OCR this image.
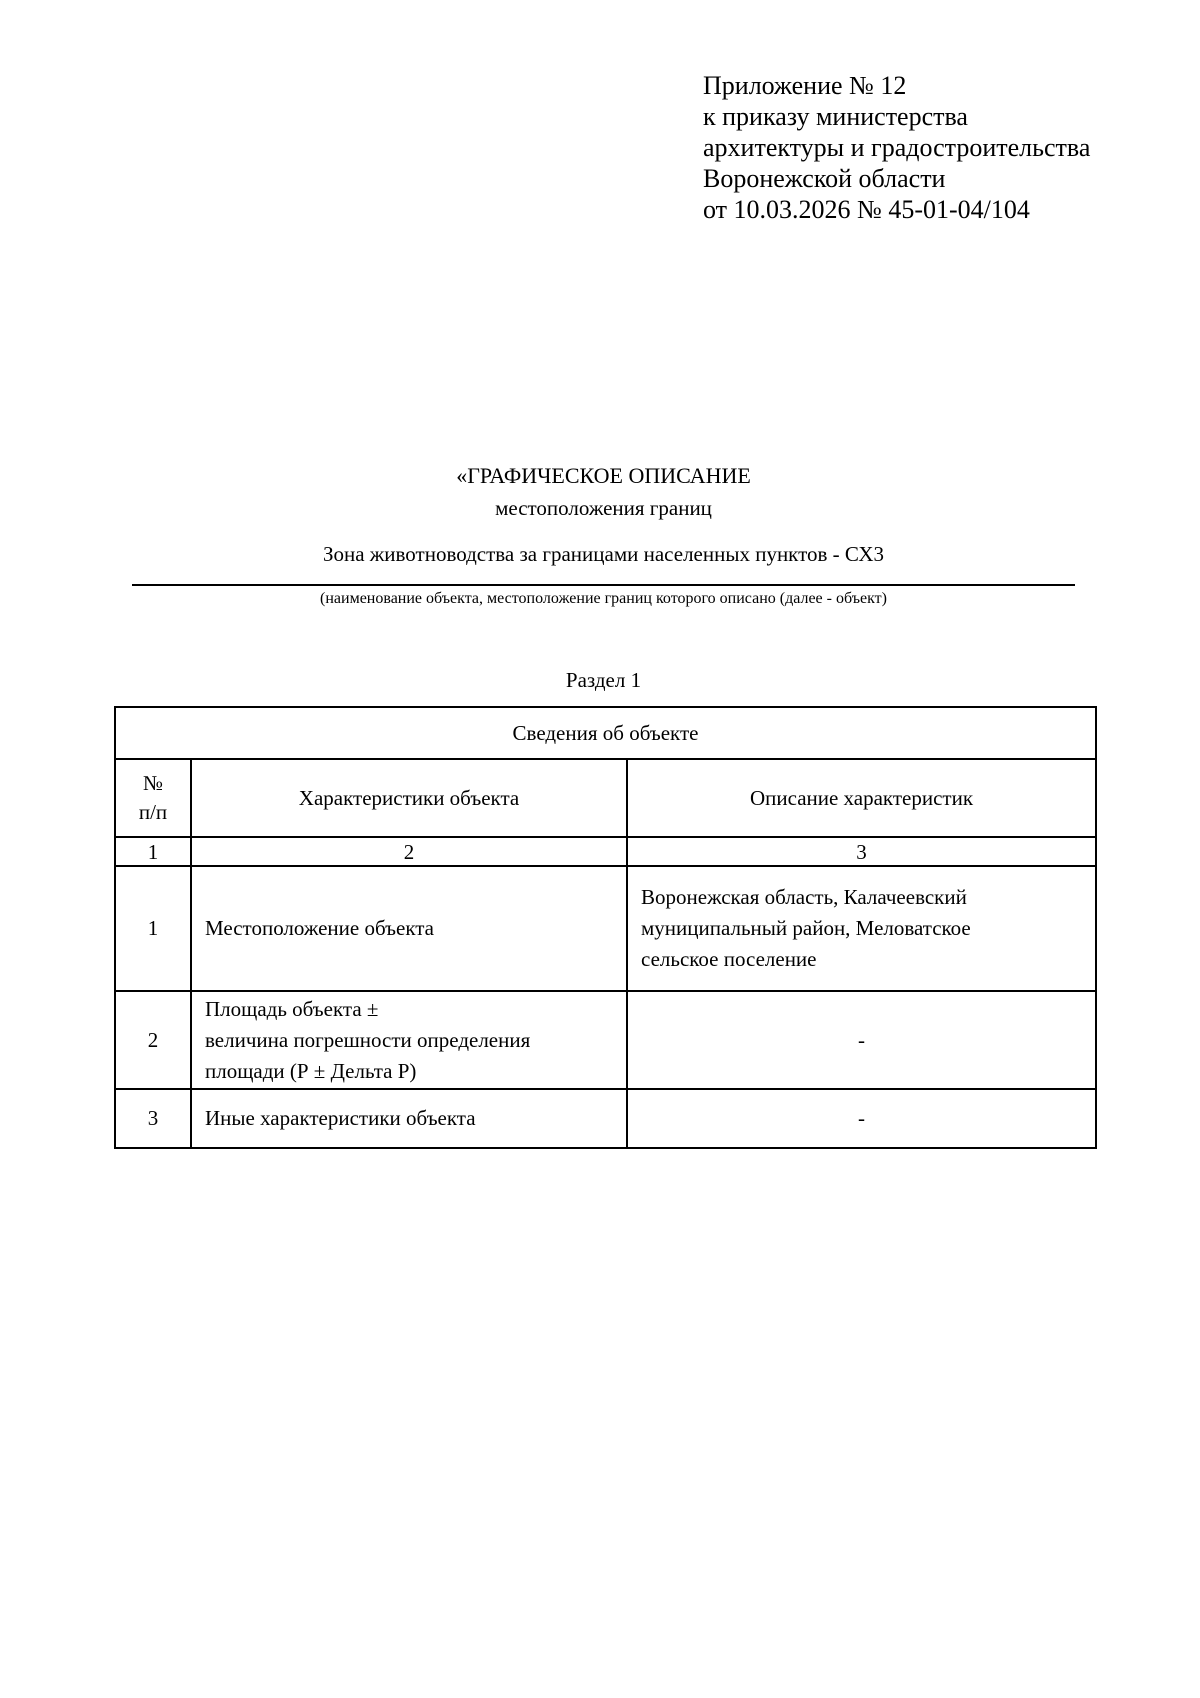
Приложение № 12
к приказу министерства
архитектуры и градостроительства
Воронежской области
от 10.03.2026 № 45-01-04/104
«ГРАФИЧЕСКОЕ ОПИСАНИЕ
местоположения границ
Зона животноводства за границами населенных пунктов - СХ3
(наименование объекта, местоположение границ которого описано (далее - объект)
Раздел 1
Сведения об объекте		

№
п/п	Характеристики объекта	Описание характеристик
1	2	3
1	Местоположение объекта	Воронежская область, Калачеевский
муниципальный район, Меловатское
сельское поселение

2	Площадь объекта ±
величина погрешности определения
площади (Р ± Дельта Р)	-

3	Иные характеристики объекта	-
